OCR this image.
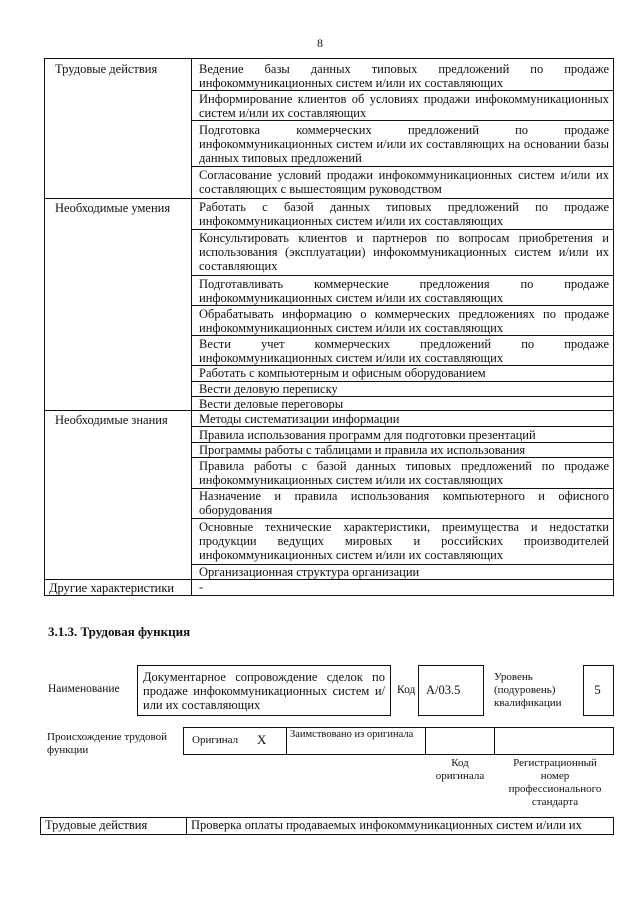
8
Трудовые действия
Необходимые умения
Необходимые знания
Другие характеристики
Ведение базы данных типовых предложений по продаже инфокоммуникационных систем и/или их составляющих
Информирование клиентов об условиях продажи инфокоммуникационных систем и/или их составляющих
Подготовка коммерческих предложений по продаже инфокоммуникационных систем и/или их составляющих на основании базы данных типовых предложений
Согласование условий продажи инфокоммуникационных систем и/или их составляющих с вышестоящим руководством
Работать с базой данных типовых предложений по продаже инфокоммуникационных систем и/или их составляющих
Консультировать клиентов и партнеров по вопросам приобретения и использования (эксплуатации) инфокоммуникационных систем и/или их составляющих
Подготавливать коммерческие предложения по продаже инфокоммуникационных систем и/или их составляющих
Обрабатывать информацию о коммерческих предложениях по продаже инфокоммуникационных систем и/или их составляющих
Вести учет коммерческих предложений по продаже инфокоммуникационных систем и/или их составляющих
Работать с компьютерным и офисным оборудованием
Вести деловую переписку
Вести деловые переговоры
Методы систематизации информации
Правила использования программ для подготовки презентаций
Программы работы с таблицами и правила их использования
Правила работы с базой данных типовых предложений по продаже инфокоммуникационных систем и/или их составляющих
Назначение и правила использования компьютерного и офисного оборудования
Основные технические характеристики, преимущества и недостатки продукции ведущих мировых и российских производителей инфокоммуникационных систем и/или их составляющих
Организационная структура организации
-
3.1.3. Трудовая функция
Наименование
Документарное сопровождение сделок по продаже инфокоммуникационных систем и/или их составляющих
Код А/03.5
Уровень (подуровень) квалификации
5
Происхождение трудовой функции
Оригинал X Заимствовано из оригинала
Код оригинала
Регистрационный номер профессионального стандарта
Трудовые действия	Проверка оплаты продаваемых инфокоммуникационных систем и/или их
